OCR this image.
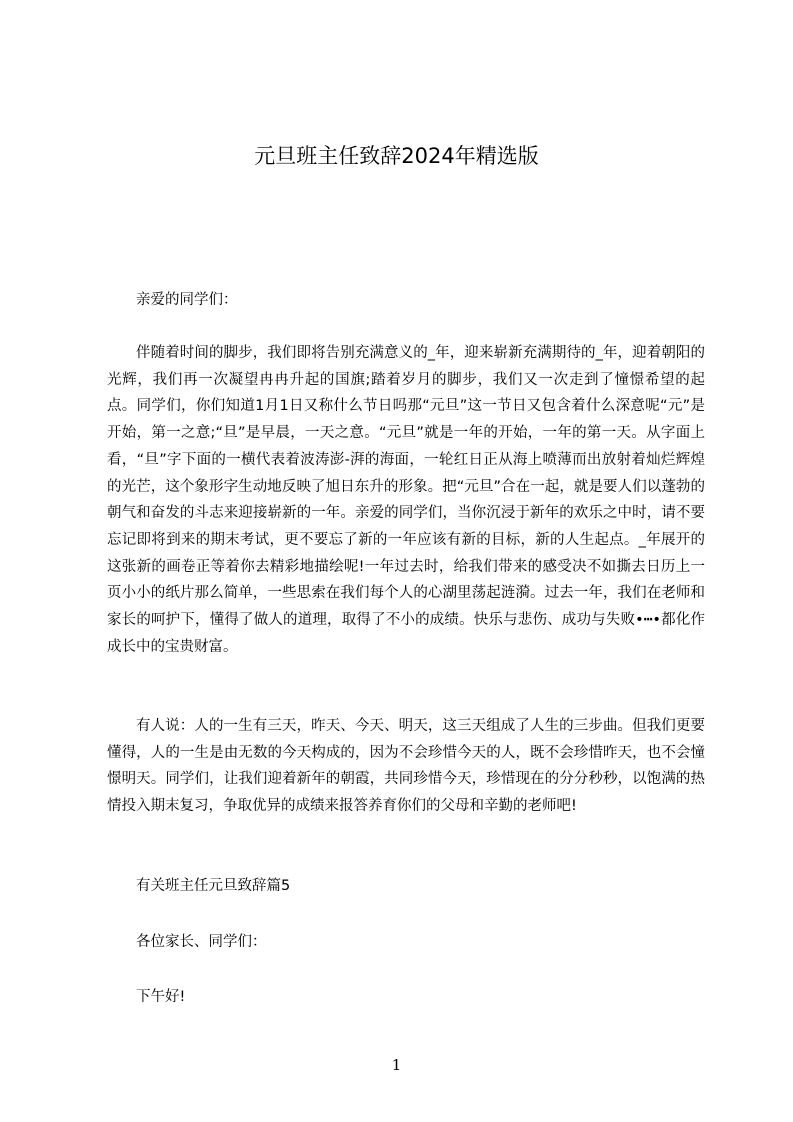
元旦班主任致辞2024年精选版

亲爱的同学们：

伴随着时间的脚步，我们即将告别充满意义的_年，迎来崭新充满期待的_年，迎着朝阳的光辉，我们再一次凝望冉冉升起的国旗;踏着岁月的脚步，我们又一次走到了憧憬希望的起点。同学们，你们知道1月1日又称什么节日吗那“元旦”这一节日又包含着什么深意呢“元”是开始，第一之意;“旦”是早晨，一天之意。“元旦”就是一年的开始，一年的第一天。从字面上看，“旦”字下面的一横代表着波涛澎-湃的海面，一轮红日正从海上喷薄而出放射着灿烂辉煌的光芒，这个象形字生动地反映了旭日东升的形象。把“元旦”合在一起，就是要人们以蓬勃的朝气和奋发的斗志来迎接崭新的一年。亲爱的同学们，当你沉浸于新年的欢乐之中时，请不要忘记即将到来的期末考试，更不要忘了新的一年应该有新的目标，新的人生起点。_年展开的这张新的画卷正等着你去精彩地描绘呢!一年过去时，给我们带来的感受决不如撕去日历上一页小小的纸片那么简单，一些思索在我们每个人的心湖里荡起涟漪。过去一年，我们在老师和家长的呵护下，懂得了做人的道理，取得了不小的成绩。快乐与悲伤、成功与失败•┅•都化作成长中的宝贵财富。

有人说：人的一生有三天，昨天、今天、明天，这三天组成了人生的三步曲。但我们更要懂得，人的一生是由无数的今天构成的，因为不会珍惜今天的人，既不会珍惜昨天，也不会憧憬明天。同学们，让我们迎着新年的朝霞，共同珍惜今天，珍惜现在的分分秒秒，以饱满的热情投入期末复习，争取优异的成绩来报答养育你们的父母和辛勤的老师吧!

有关班主任元旦致辞篇5

各位家长、同学们：

下午好!

1
